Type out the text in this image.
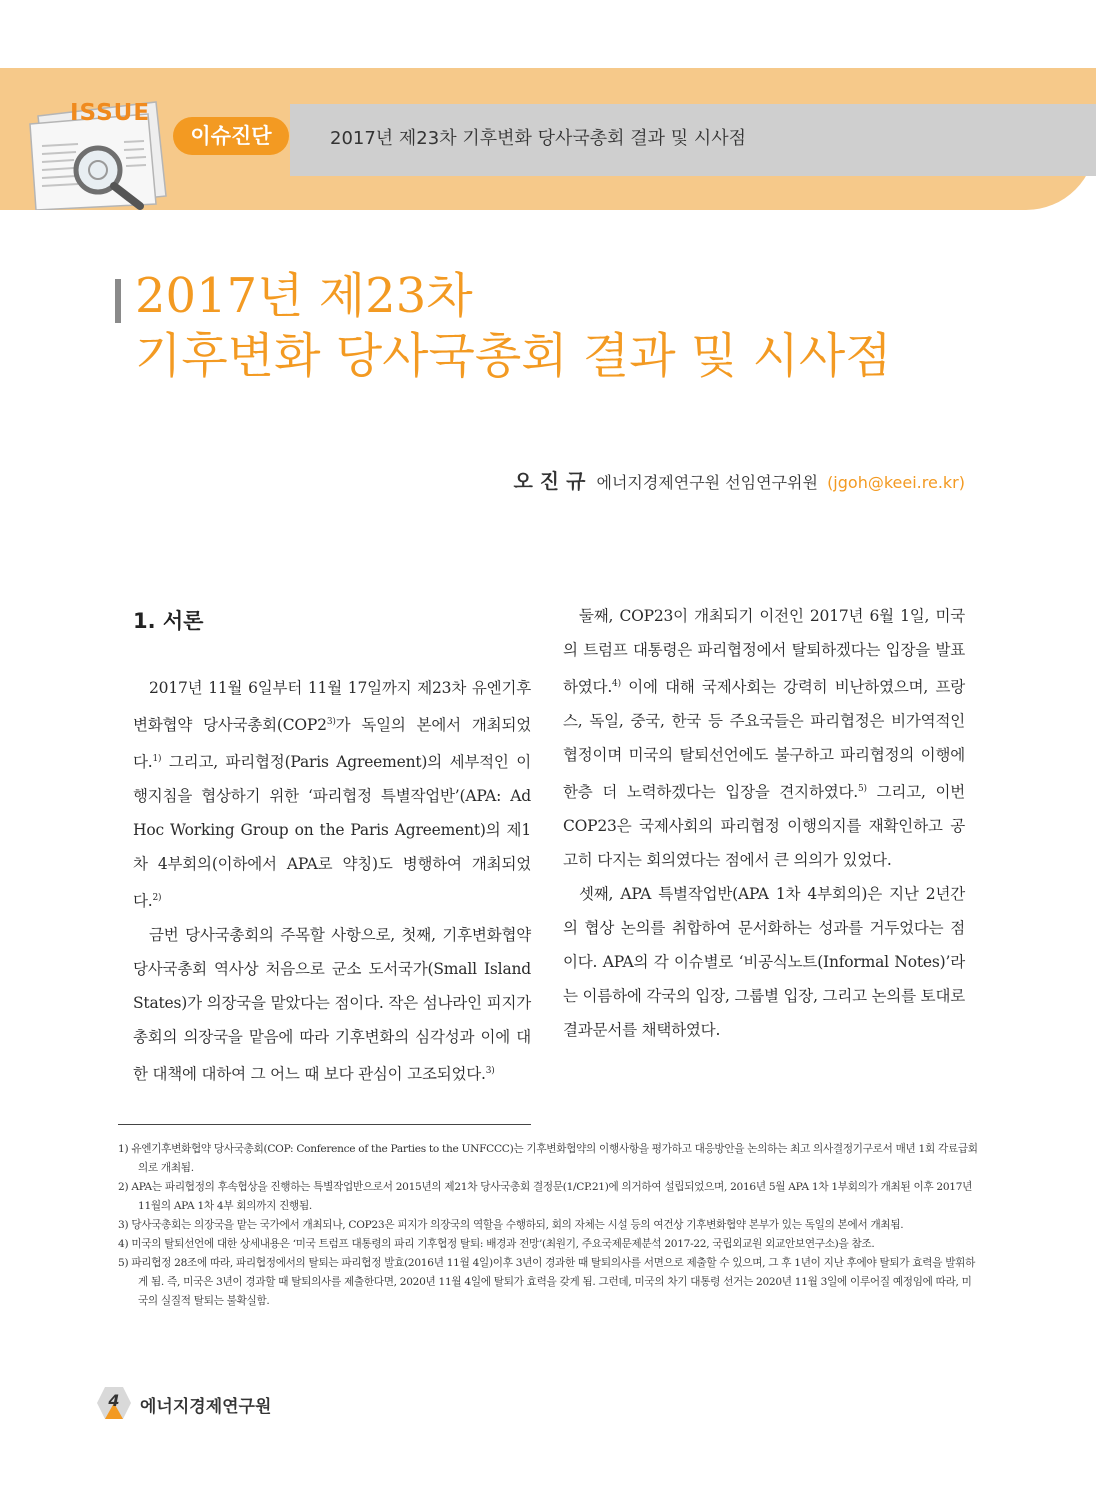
ISSUE
이슈진단	2017년 제23차 기후변화 당사국총회 결과 및 시사점
2017년 제23차
기후변화 당사국총회 결과 및 시사점
오 진 규 에너지경제연구원 선임연구위원 (jgoh@keei.re.kr)
1. 서론

2017년 11월 6일부터 11월 17일까지 제23차 유엔기후변화협약 당사국총회(COP2$^{3)}$가 독일의 본에서 개최되었다.$^{1)}$ 그리고, 파리협정(Paris Agreement)의 세부적인 이행지침을 협상하기 위한 ‘파리협정 특별작업반’(APA: Ad Hoc Working Group on the Paris Agreement)의 제1차 4부회의(이하에서 APA로 약칭)도 병행하여 개최되었다.$^{2)}$

금번 당사국총회의 주목할 사항으로, 첫째, 기후변화협약 당사국총회 역사상 처음으로 군소 도서국가(Small Island States)가 의장국을 맡았다는 점이다. 작은 섬나라인 피지가 총회의 의장국을 맡음에 따라 기후변화의 심각성과 이에 대한 대책에 대하여 그 어느 때 보다 관심이 고조되었다.$^{3)}$

둘째, COP23이 개최되기 이전인 2017년 6월 1일, 미국의 트럼프 대통령은 파리협정에서 탈퇴하겠다는 입장을 발표하였다.$^{4)}$ 이에 대해 국제사회는 강력히 비난하였으며, 프랑스, 독일, 중국, 한국 등 주요국들은 파리협정은 비가역적인 협정이며 미국의 탈퇴선언에도 불구하고 파리협정의 이행에 한층 더 노력하겠다는 입장을 견지하였다.$^{5)}$ 그리고, 이번 COP23은 국제사회의 파리협정 이행의지를 재확인하고 공고히 다지는 회의였다는 점에서 큰 의의가 있었다.

셋째, APA 특별작업반(APA 1차 4부회의)은 지난 2년간의 협상 논의를 취합하여 문서화하는 성과를 거두었다는 점이다. APA의 각 이슈별로 ‘비공식노트(Informal Notes)’라는 이름하에 각국의 입장, 그룹별 입장, 그리고 논의를 토대로 결과문서를 채택하였다.

1) 유엔기후변화협약 당사국총회(COP: Conference of the Parties to the UNFCCC)는 기후변화협약의 이행사항을 평가하고 대응방안을 논의하는 최고 의사결정기구로서 매년 1회 각료급회의로 개최됨.

2) APA는 파리협정의 후속협상을 진행하는 특별작업반으로서 2015년의 제21차 당사국총회 결정문(1/CP.21)에 의거하여 설립되었으며, 2016년 5월 APA 1차 1부회의가 개최된 이후 2017년 11월의 APA 1차 4부 회의까지 진행됨.

3) 당사국총회는 의장국을 맡는 국가에서 개최되나, COP23은 피지가 의장국의 역할을 수행하되, 회의 자체는 시설 등의 여건상 기후변화협약 본부가 있는 독일의 본에서 개최됨.

4) 미국의 탈퇴선언에 대한 상세내용은 ‘미국 트럼프 대통령의 파리 기후협정 탈퇴: 배경과 전망’(최원기, 주요국제문제분석 2017-22, 국립외교원 외교안보연구소)을 참조.

5) 파리협정 28조에 따라, 파리협정에서의 탈퇴는 파리협정 발효(2016년 11월 4일)이후 3년이 경과한 때 탈퇴의사를 서면으로 제출할 수 있으며, 그 후 1년이 지난 후에야 탈퇴가 효력을 발휘하게 됨. 즉, 미국은 3년이 경과할 때 탈퇴의사를 제출한다면, 2020년 11월 4일에 탈퇴가 효력을 갖게 됨. 그런데, 미국의 차기 대통령 선거는 2020년 11월 3일에 이루어질 예정임에 따라, 미국의 실질적 탈퇴는 불확실함.

4	에너지경제연구원
